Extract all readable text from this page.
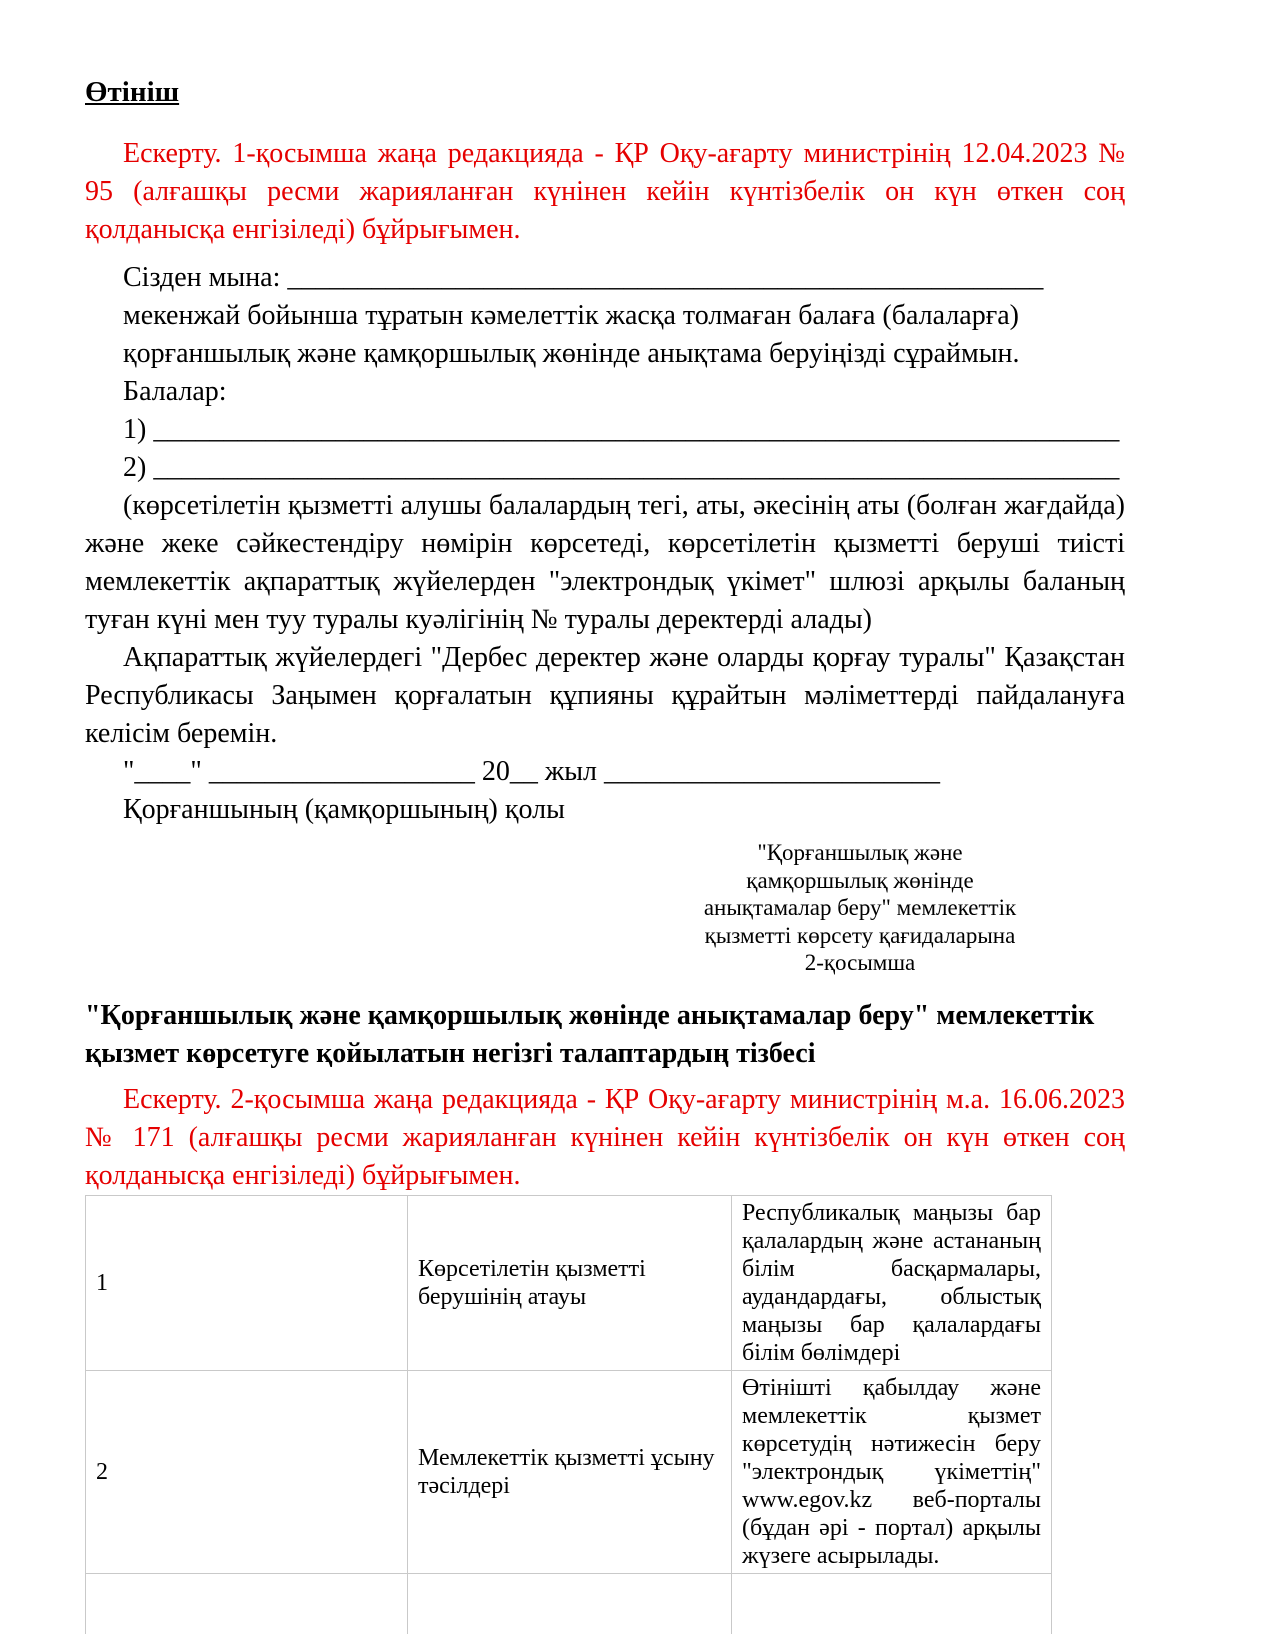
Өтініш

Ескерту. 1-қосымша жаңа редакцияда - ҚР Оқу-ағарту министрінің 12.04.2023 № 95 (алғашқы ресми жарияланған күнінен кейін күнтізбелік он күн өткен соң қолданысқа енгізіледі) бұйрығымен.

Сізден мына: ______________________________________________________
мекенжай бойынша тұратын кәмелеттік жасқа толмаған балаға (балаларға)
қорғаншылық және қамқоршылық жөнінде анықтама беруіңізді сұраймын.
Балалар:
1) _____________________________________________________________________
2) _____________________________________________________________________

(көрсетілетін қызметті алушы балалардың тегі, аты, әкесінің аты (болған жағдайда) және жеке сәйкестендіру нөмірін көрсетеді, көрсетілетін қызметті беруші тиісті мемлекеттік ақпараттық жүйелерден "электрондық үкімет" шлюзі арқылы баланың туған күні мен туу туралы куәлігінің № туралы деректерді алады)

Ақпараттық жүйелердегі "Дербес деректер және оларды қорғау туралы" Қазақстан Республикасы Заңымен қорғалатын құпияны құрайтын мәліметтерді пайдалануға келісім беремін.

"____" ___________________ 20__ жыл ________________________
Қорғаншының (қамқоршының) қолы
"Қорғаншылық және
қамқоршылық жөнінде
анықтамалар беру" мемлекеттік
қызметті көрсету қағидаларына
2-қосымша
"Қорғаншылық және қамқоршылық жөнінде анықтамалар беру" мемлекеттік қызмет көрсетуге қойылатын негізгі талаптардың тізбесі

Ескерту. 2-қосымша жаңа редакцияда - ҚР Оқу-ағарту министрінің м.а. 16.06.2023 № 171 (алғашқы ресми жарияланған күнінен кейін күнтізбелік он күн өткен соң қолданысқа енгізіледі) бұйрығымен.

1	Көрсетілетін қызметті берушінің атауы	Республикалық маңызы бар қалалардың және астананың білім басқармалары, аудандардағы, облыстық маңызы бар қалалардағы білім бөлімдері
2	Мемлекеттік қызметті ұсыну тәсілдері	Өтінішті қабылдау және мемлекеттік қызмет көрсетудің нәтижесін беру "электрондық үкіметтің" www.egov.kz веб-порталы (бұдан әрі - портал) арқылы жүзеге асырылады.
